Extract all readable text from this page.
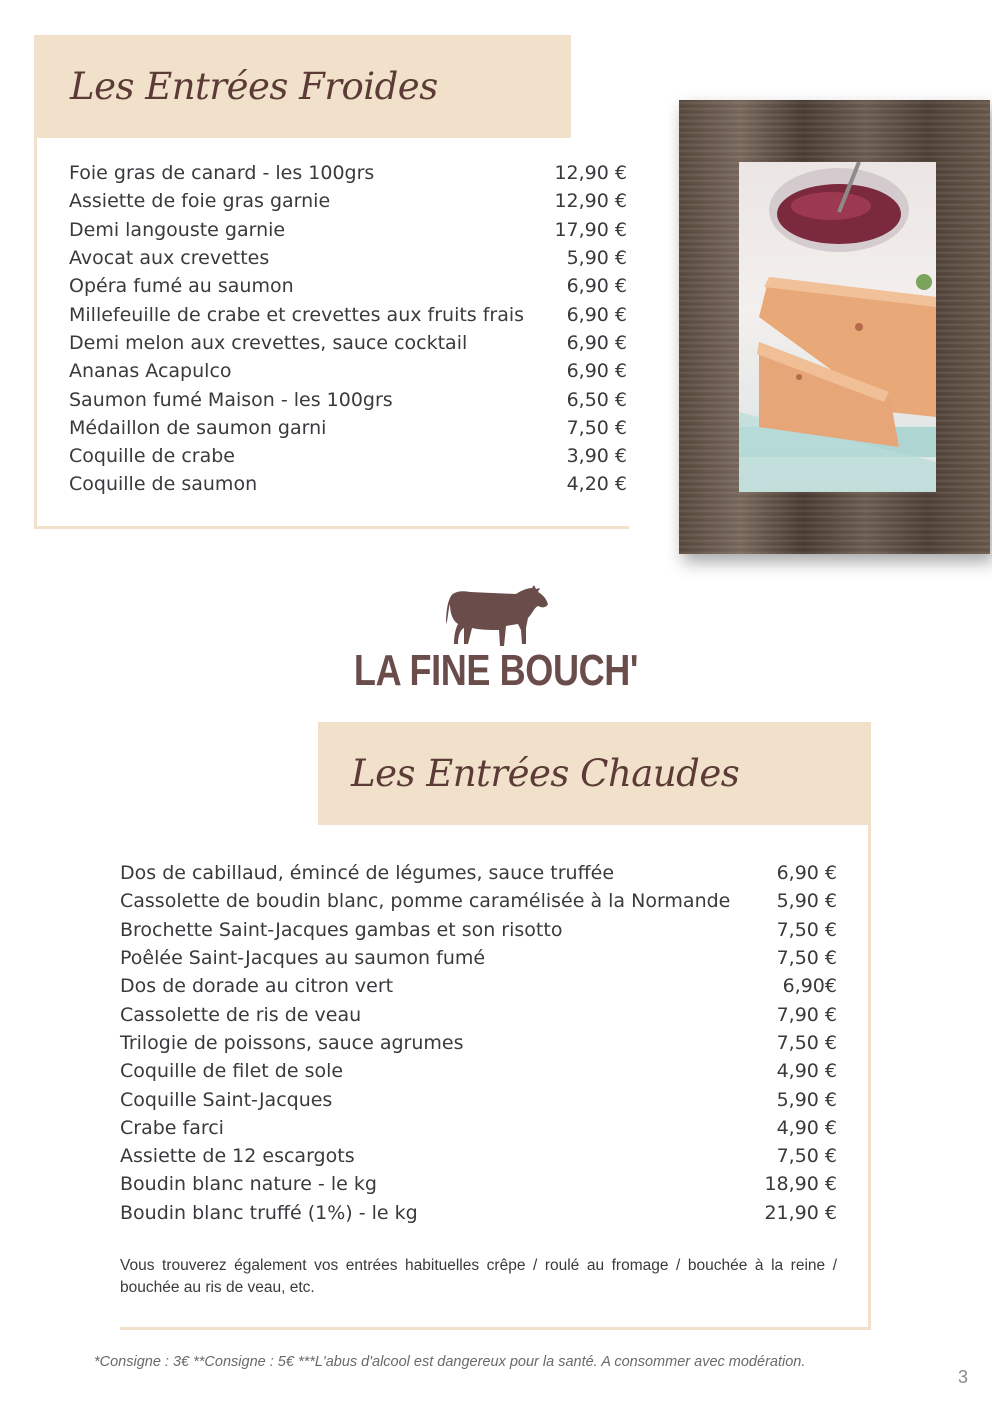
Les Entrées Froides
Foie gras de canard - les 100grs	12,90 €
Assiette de foie gras garnie	12,90 €
Demi langouste garnie	17,90 €
Avocat aux crevettes	5,90 €
Opéra fumé au saumon	6,90 €
Millefeuille de crabe et crevettes aux fruits frais 6,90 €
Demi melon aux crevettes, sauce cocktail	6,90 €
Ananas Acapulco	6,90 €
Saumon fumé Maison - les 100grs	6,50 €
Médaillon de saumon garni	7,50 €
Coquille de crabe	3,90 €
Coquille de saumon	4,20 €
LA FINE BOUCH'
Les Entrées Chaudes
Dos de cabillaud, émincé de légumes, sauce truffée	6,90 €
Cassolette de boudin blanc, pomme caramélisée à la Normande 5,90 €
Brochette Saint-Jacques gambas et son risotto	7,50 €
Poêlée Saint-Jacques au saumon fumé	7,50 €
Dos de dorade au citron vert	6,90€
Cassolette de ris de veau	7,90 €
Trilogie de poissons, sauce agrumes	7,50 €
Coquille de filet de sole	4,90 €
Coquille Saint-Jacques	5,90 €
Crabe farci	4,90 €
Assiette de 12 escargots	7,50 €
Boudin blanc nature - le kg	18,90 €
Boudin blanc truffé (1%) - le kg	21,90 €
Vous trouverez également vos entrées habituelles crêpe / roulé au fromage / bouchée à la reine / bouchée au ris de veau, etc.
*Consigne : 3€ **Consigne : 5€ ***L'abus d'alcool est dangereux pour la santé. A consommer avec modération.
3
